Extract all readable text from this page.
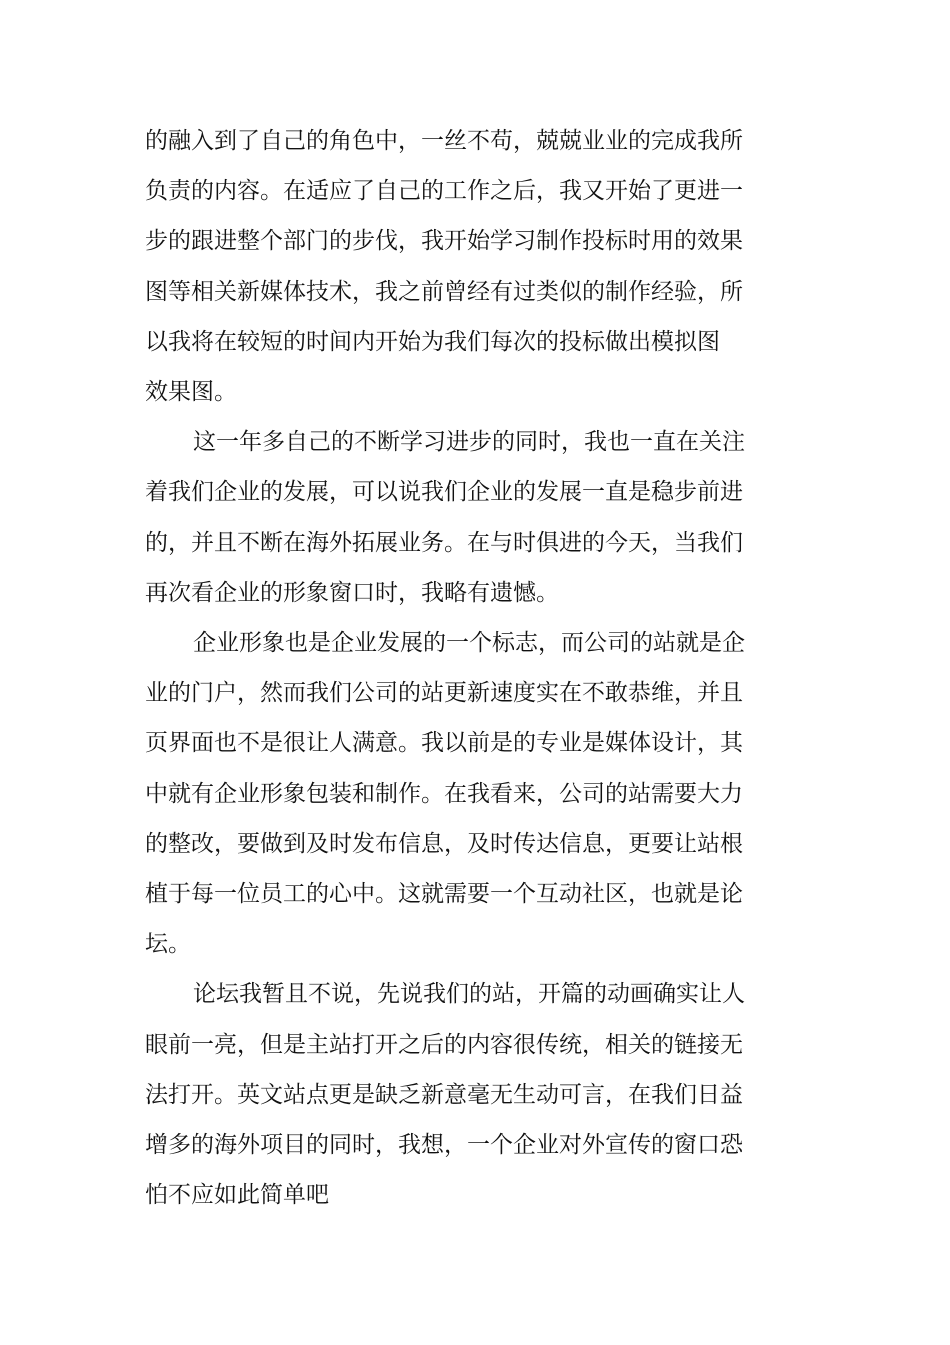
的融入到了自己的角色中，一丝不苟，兢兢业业的完成我所
负责的内容。在适应了自己的工作之后，我又开始了更进一
步的跟进整个部门的步伐，我开始学习制作投标时用的效果
图等相关新媒体技术，我之前曾经有过类似的制作经验，所
以我将在较短的时间内开始为我们每次的投标做出模拟图
效果图。

这一年多自己的不断学习进步的同时，我也一直在关注
着我们企业的发展，可以说我们企业的发展一直是稳步前进
的，并且不断在海外拓展业务。在与时俱进的今天，当我们
再次看企业的形象窗口时，我略有遗憾。

企业形象也是企业发展的一个标志，而公司的站就是企
业的门户，然而我们公司的站更新速度实在不敢恭维，并且
页界面也不是很让人满意。我以前是的专业是媒体设计，其
中就有企业形象包装和制作。在我看来，公司的站需要大力
的整改，要做到及时发布信息，及时传达信息，更要让站根
植于每一位员工的心中。这就需要一个互动社区，也就是论
坛。

论坛我暂且不说，先说我们的站，开篇的动画确实让人
眼前一亮，但是主站打开之后的内容很传统，相关的链接无
法打开。英文站点更是缺乏新意毫无生动可言，在我们日益
增多的海外项目的同时，我想，一个企业对外宣传的窗口恐
怕不应如此简单吧
